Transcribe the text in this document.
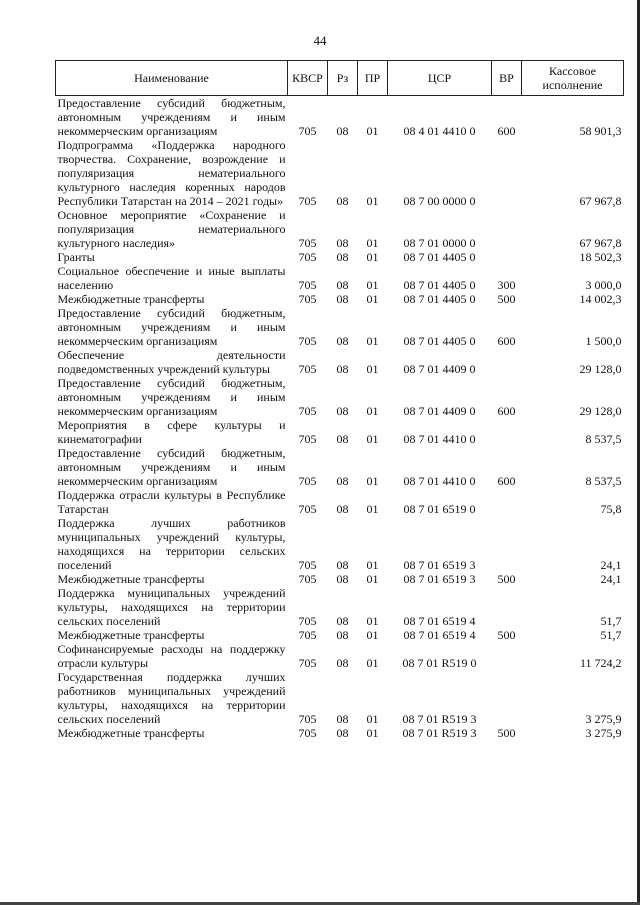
44
Наименование	КВСР	Рз	ПР	ЦСР	ВР	Кассовое исполнение
Предоставление субсидий бюджетным, автономным учреждениям и иным некоммерческим организациям	705	08	01	08 4 01 4410 0	600	58 901,3
Подпрограмма «Поддержка народного творчества. Сохранение, возрождение и популяризация нематериального культурного наследия коренных народов Республики Татарстан на 2014 – 2021 годы»	705	08	01	08 7 00 0000 0		67 967,8
Основное мероприятие «Сохранение и популяризация нематериального культурного наследия»	705	08	01	08 7 01 0000 0		67 967,8
Гранты	705	08	01	08 7 01 4405 0		18 502,3
Социальное обеспечение и иные выплаты населению	705	08	01	08 7 01 4405 0	300	3 000,0
Межбюджетные трансферты	705	08	01	08 7 01 4405 0	500	14 002,3
Предоставление субсидий бюджетным, автономным учреждениям и иным некоммерческим организациям	705	08	01	08 7 01 4405 0	600	1 500,0
Обеспечение деятельности подведомственных учреждений культуры	705	08	01	08 7 01 4409 0		29 128,0
Предоставление субсидий бюджетным, автономным учреждениям и иным некоммерческим организациям	705	08	01	08 7 01 4409 0	600	29 128,0
Мероприятия в сфере культуры и кинематографии	705	08	01	08 7 01 4410 0		8 537,5
Предоставление субсидий бюджетным, автономным учреждениям и иным некоммерческим организациям	705	08	01	08 7 01 4410 0	600	8 537,5
Поддержка отрасли культуры в Республике Татарстан	705	08	01	08 7 01 6519 0		75,8
Поддержка лучших работников муниципальных учреждений культуры, находящихся на территории сельских поселений	705	08	01	08 7 01 6519 3		24,1
Межбюджетные трансферты	705	08	01	08 7 01 6519 3	500	24,1
Поддержка муниципальных учреждений культуры, находящихся на территории сельских поселений	705	08	01	08 7 01 6519 4		51,7
Межбюджетные трансферты	705	08	01	08 7 01 6519 4	500	51,7
Софинансируемые расходы на поддержку отрасли культуры	705	08	01	08 7 01 R519 0		11 724,2
Государственная поддержка лучших работников муниципальных учреждений культуры, находящихся на территории сельских поселений	705	08	01	08 7 01 R519 3		3 275,9
Межбюджетные трансферты	705	08	01	08 7 01 R519 3	500	3 275,9
